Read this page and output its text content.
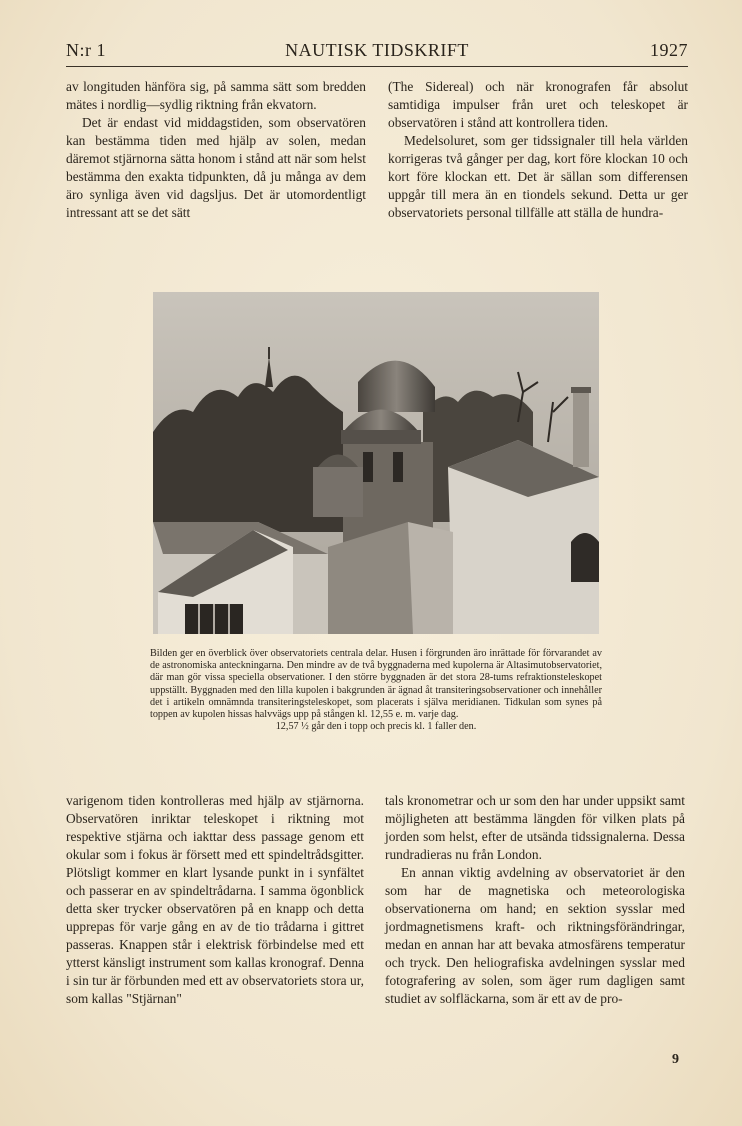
N:r 1	NAUTISK TIDSKRIFT	1927

av longituden hänföra sig, på samma sätt som bredden mätes i nordlig—sydlig riktning från ekvatorn.

Det är endast vid middagstiden, som observatören kan bestämma tiden med hjälp av solen, medan däremot stjärnorna sätta honom i stånd att när som helst bestämma den exakta tidpunkten, då ju många av dem äro synliga även vid dagsljus. Det är utomordentligt intressant att se det sätt

(The Sidereal) och när kronografen får absolut samtidiga impulser från uret och teleskopet är observatören i stånd att kontrollera tiden.

Medelsoluret, som ger tidssignaler till hela världen korrigeras två gånger per dag, kort före klockan 10 och kort före klockan ett. Det är sällan som differensen uppgår till mera än en tiondels sekund. Detta ur ger observatoriets personal tillfälle att ställa de hundra-

Bilden ger en överblick över observatoriets centrala delar. Husen i förgrunden äro inrättade för förvarandet av de astronomiska anteckningarna. Den mindre av de två byggnaderna med kupolerna är Altasimutobservatoriet, där man gör vissa speciella observationer. I den större byggnaden är det stora 28-tums refraktionsteleskopet uppställt. Byggnaden med den lilla kupolen i bakgrunden är ägnad åt transiteringsobservationer och innehåller det i artikeln omnämnda transiteringsteleskopet, som placerats i själva meridianen. Tidkulan som synes på toppen av kupolen hissas halvvägs upp på stången kl. 12,55 e. m. varje dag.
12,57 ½ går den i topp och precis kl. 1 faller den.

varigenom tiden kontrolleras med hjälp av stjärnorna. Observatören inriktar teleskopet i riktning mot respektive stjärna och iakttar dess passage genom ett okular som i fokus är försett med ett spindeltrådsgitter. Plötsligt kommer en klart lysande punkt in i synfältet och passerar en av spindeltrådarna. I samma ögonblick detta sker trycker observatören på en knapp och detta upprepas för varje gång en av de tio trådarna i gittret passeras. Knappen står i elektrisk förbindelse med ett ytterst känsligt instrument som kallas kronograf. Denna i sin tur är förbunden med ett av observatoriets stora ur, som kallas "Stjärnan"

tals kronometrar och ur som den har under uppsikt samt möjligheten att bestämma längden för vilken plats på jorden som helst, efter de utsända tidssignalerna. Dessa rundradieras nu från London.

En annan viktig avdelning av observatoriet är den som har de magnetiska och meteorologiska observationerna om hand; en sektion sysslar med jordmagnetismens kraft- och riktningsförändringar, medan en annan har att bevaka atmosfärens temperatur och tryck. Den heliografiska avdelningen sysslar med fotografering av solen, som äger rum dagligen samt studiet av solfläckarna, som är ett av de pro-

9
